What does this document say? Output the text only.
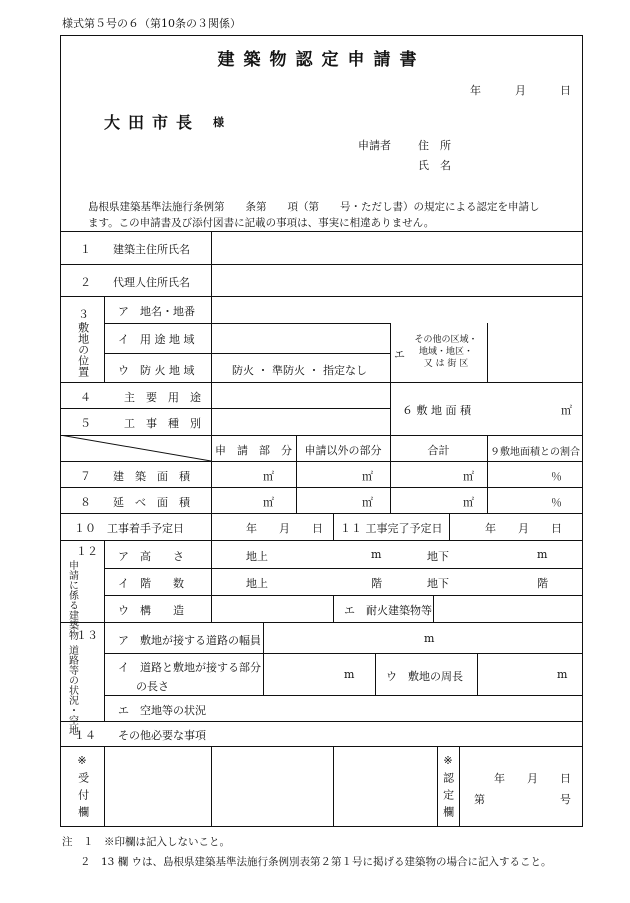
様式第５号の６（第10条の３関係）
建築物認定申請書
年	月	日
大田市長 様
申請者 住　所
氏　名
島根県建築基準法施行条例第　　条第　　項（第　　号・ただし書）の規定による認定を申請し
ます。この申請書及び添付図書に記載の事項は、事実に相違ありません。
１　　建築主住所氏名
２　　代理人住所氏名
３
敷地の位置
ア　地名・地番
イ　用 途 地 域
ウ　防 火 地 域	防火 ・ 準防火 ・ 指定なし
エ
その他の区域・
地域・地区・
又 は 街 区
４　　　主　要　用　途
５　　　工　事　種　別
６ 敷 地 面 積	㎡
申　請　部　分	申請以外の部分	合計	９敷地面積との割合
７　　建　築　面　積	㎡	㎡	㎡	％
８　　延　べ　面　積	㎡	㎡	㎡	％
１０　工事着手予定日	年　　月　　日 １１ 工事完了予定日	年　　月　　日
１２
申請に係る建築物
ア　高　　さ	地上	m	地下	m
イ　階　　数	地上	階	地下	階
ウ　構　　造	エ　耐火建築物等
１３
道路等の状況・空地
ア　敷地が接する道路の幅員	m
イ　道路と敷地が接する部分
の長さ
m	ウ　敷地の周長	m
エ　空地等の状況
１４　　その他必要な事項
※
受付欄
※
認定欄	年　　月　　日
第	号
注　１　※印欄は記入しないこと。
２　13 欄 ウは、島根県建築基準法施行条例別表第２第１号に掲げる建築物の場合に記入すること。
